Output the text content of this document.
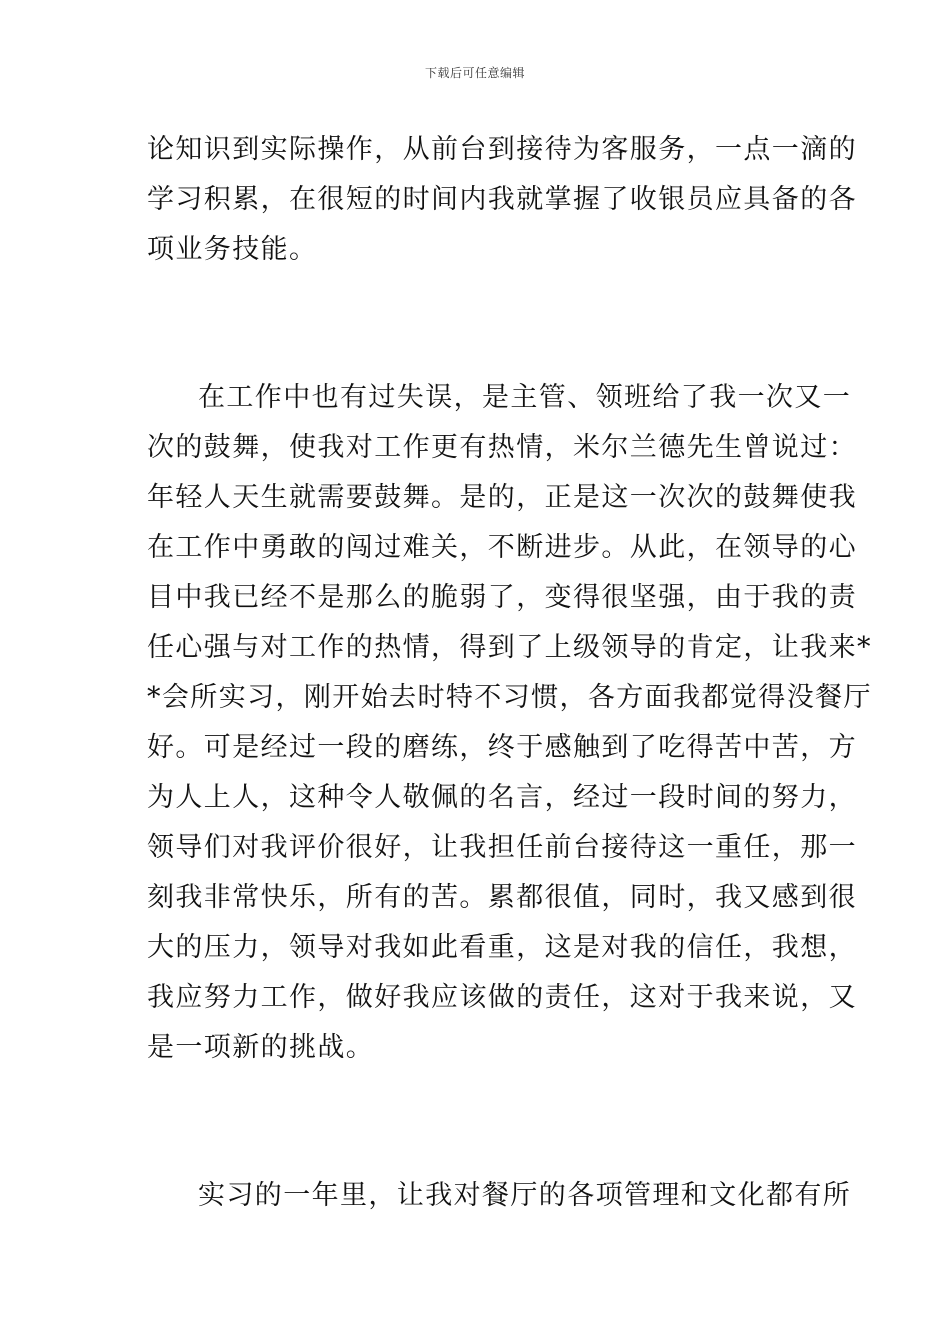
下载后可任意编辑
论知识到实际操作，从前台到接待为客服务，一点一滴的
学习积累，在很短的时间内我就掌握了收银员应具备的各
项业务技能。
在工作中也有过失误，是主管、领班给了我一次又一
次的鼓舞，使我对工作更有热情，米尔兰德先生曾说过：
年轻人天生就需要鼓舞。是的，正是这一次次的鼓舞使我
在工作中勇敢的闯过难关，不断进步。从此，在领导的心
目中我已经不是那么的脆弱了，变得很坚强，由于我的责
任心强与对工作的热情，得到了上级领导的肯定，让我来*
*会所实习，刚开始去时特不习惯，各方面我都觉得没餐厅
好。可是经过一段的磨练，终于感触到了吃得苦中苦，方
为人上人，这种令人敬佩的名言，经过一段时间的努力，
领导们对我评价很好，让我担任前台接待这一重任，那一
刻我非常快乐，所有的苦。累都很值，同时，我又感到很
大的压力，领导对我如此看重，这是对我的信任，我想，
我应努力工作，做好我应该做的责任，这对于我来说，又
是一项新的挑战。
实习的一年里，让我对餐厅的各项管理和文化都有所
